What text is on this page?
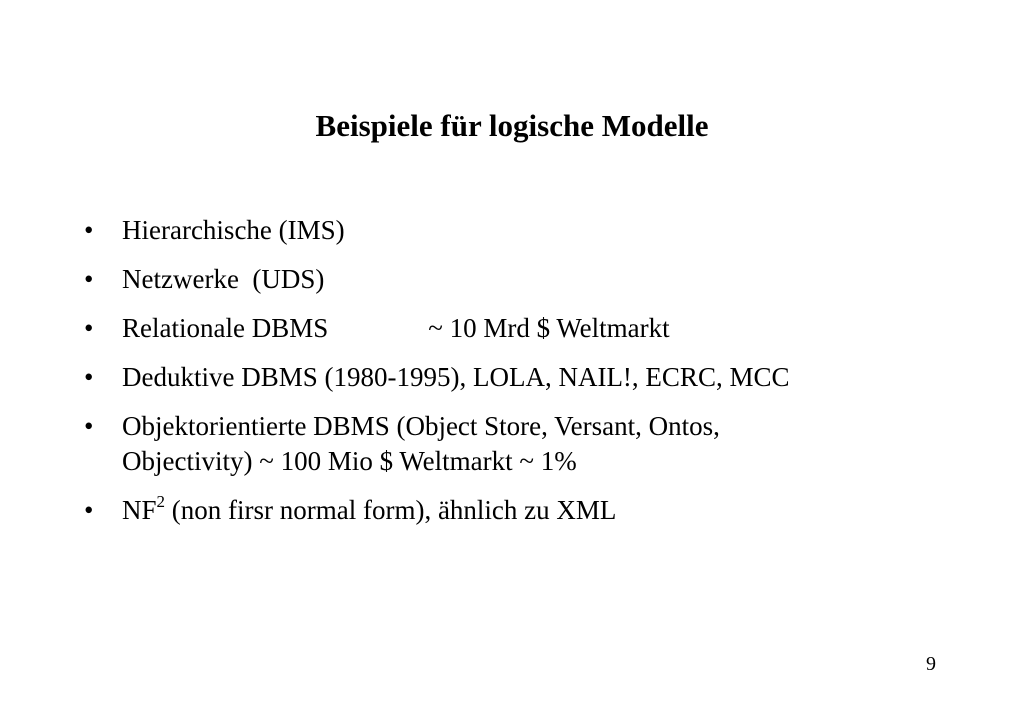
Beispiele für logische Modelle
•	Hierarchische (IMS)
•	Netzwerke  (UDS)
•	Relationale DBMS	~ 10 Mrd $ Weltmarkt
•	Deduktive DBMS (1980-1995), LOLA, NAIL!, ECRC, MCC
•	Objektorientierte DBMS (Object Store, Versant, Ontos,
Objectivity) ~ 100 Mio $ Weltmarkt ~ 1%
•	$NF^2$ (non firsr normal form), ähnlich zu XML
9
